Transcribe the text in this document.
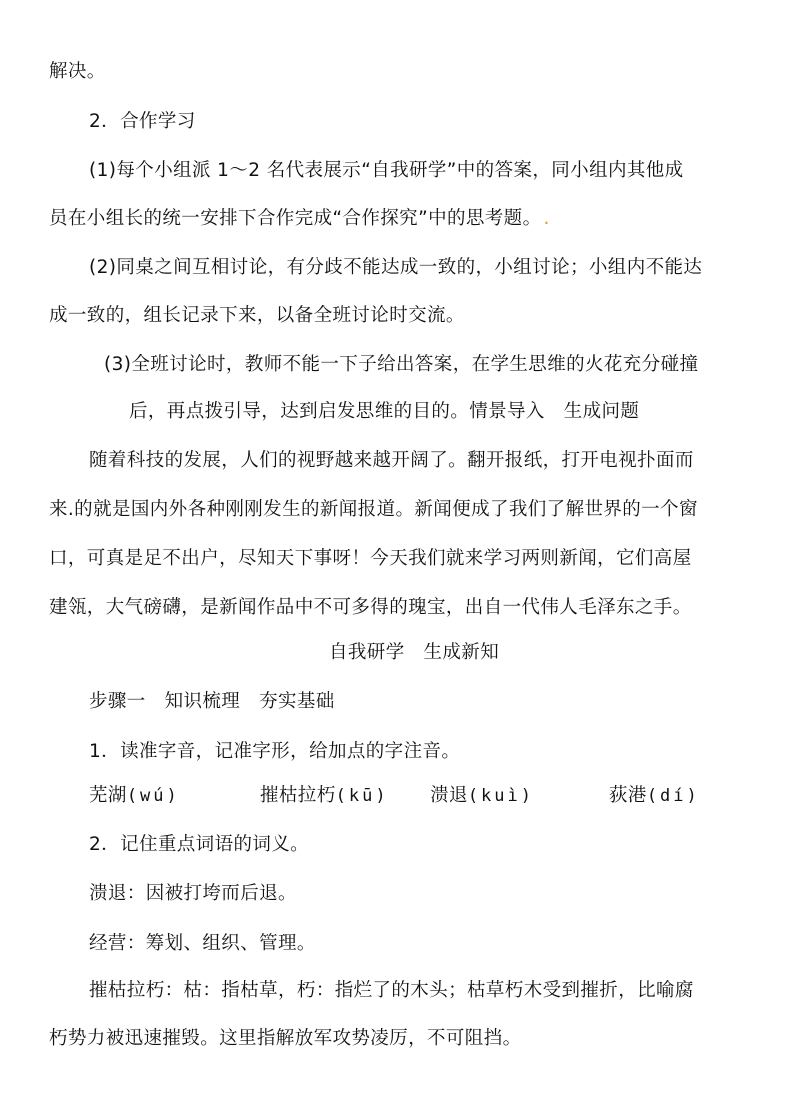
解决。
2．合作学习
(1)每个小组派 1～2 名代表展示“自我研学”中的答案，同小组内其他成
员在小组长的统一安排下合作完成“合作探究”中的思考题。 .
(2)同桌之间互相讨论，有分歧不能达成一致的，小组讨论；小组内不能达
成一致的，组长记录下来，以备全班讨论时交流。
(3)全班讨论时，教师不能一下子给出答案，在学生思维的火花充分碰撞
后，再点拨引导，达到启发思维的目的。情景导入　生成问题
随着科技的发展，人们的视野越来越开阔了。翻开报纸，打开电视扑面而
来.的就是国内外各种刚刚发生的新闻报道。新闻便成了我们了解世界的一个窗
口，可真是足不出户，尽知天下事呀！今天我们就来学习两则新闻，它们高屋
建瓴，大气磅礴，是新闻作品中不可多得的瑰宝，出自一代伟人毛泽东之手。
自我研学　生成新知
步骤一　知识梳理　夯实基础
1．读准字音，记准字形，给加点的字注音。
芜湖(wú)	摧枯拉朽(kū) 溃退(kuì)	荻港(dí)
2．记住重点词语的词义。
溃退：因被打垮而后退。
经营：筹划、组织、管理。
摧枯拉朽：枯：指枯草，朽：指烂了的木头；枯草朽木受到摧折，比喻腐
朽势力被迅速摧毁。这里指解放军攻势凌厉，不可阻挡。
